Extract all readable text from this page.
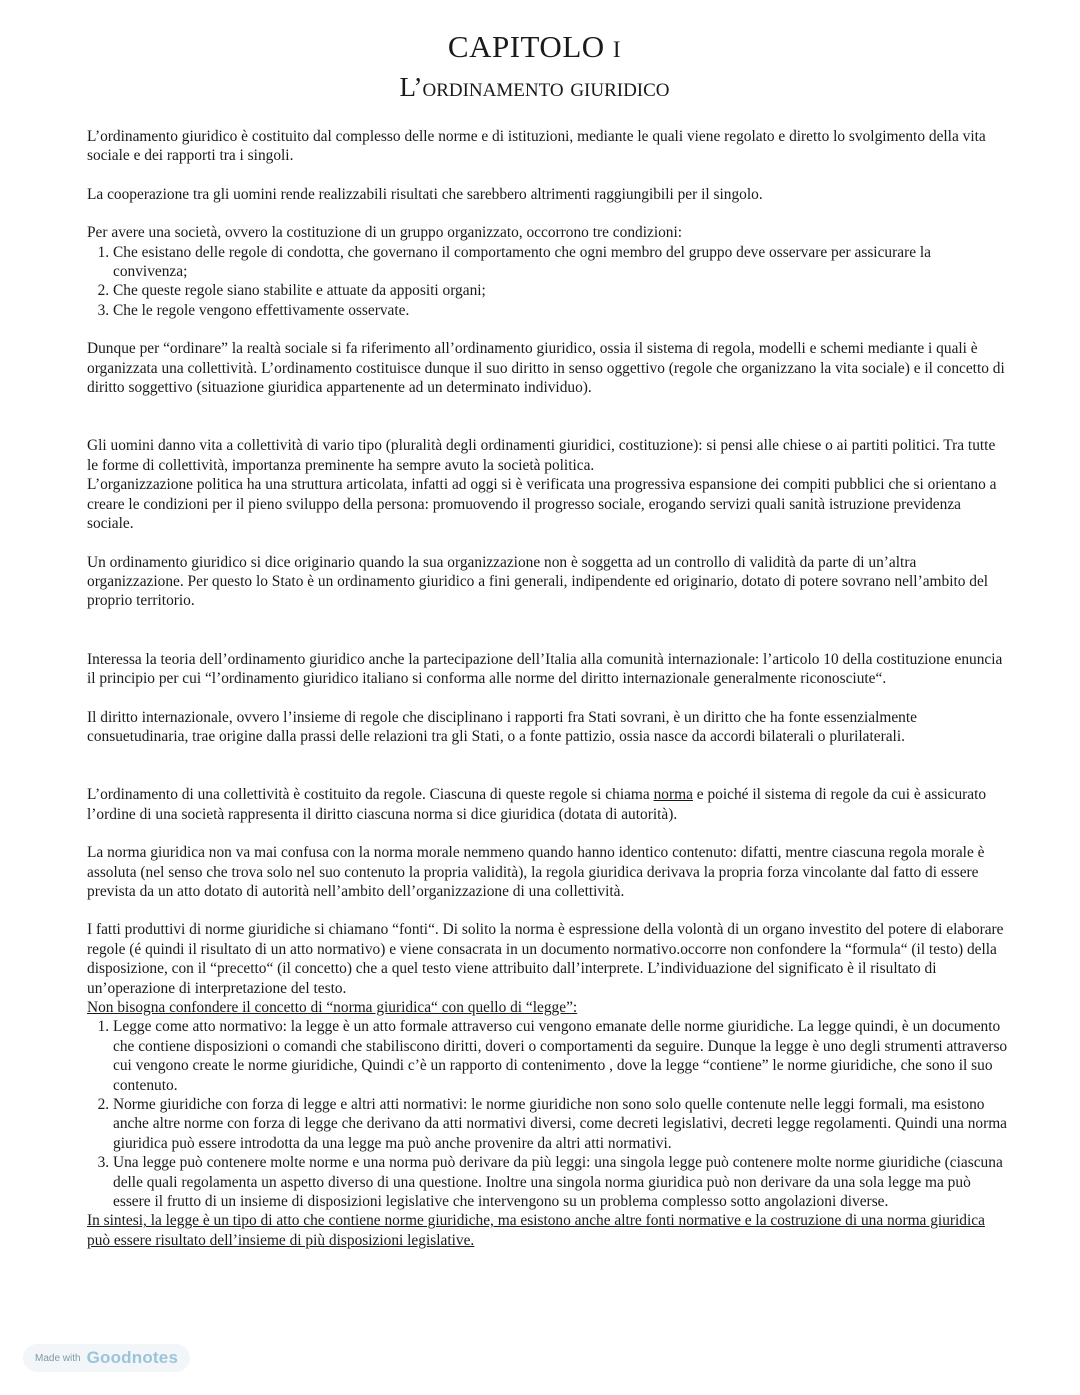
CAPITOLO I
L’ordinamento giuridico

L’ordinamento giuridico è costituito dal complesso delle norme e di istituzioni, mediante le quali viene regolato e diretto lo svolgimento della vita sociale e dei rapporti tra i singoli.

La cooperazione tra gli uomini rende realizzabili risultati che sarebbero altrimenti raggiungibili per il singolo.

Per avere una società, ovvero la costituzione di un gruppo organizzato, occorrono tre condizioni:

1. Che esistano delle regole di condotta, che governano il comportamento che ogni membro del gruppo deve osservare per assicurare la convivenza;
2. Che queste regole siano stabilite e attuate da appositi organi;
3. Che le regole vengono effettivamente osservate.

Dunque per “ordinare” la realtà sociale si fa riferimento all’ordinamento giuridico, ossia il sistema di regola, modelli e schemi mediante i quali è organizzata una collettività. L’ordinamento costituisce dunque il suo diritto in senso oggettivo (regole che organizzano la vita sociale) e il concetto di diritto soggettivo (situazione giuridica appartenente ad un determinato individuo).

Gli uomini danno vita a collettività di vario tipo (pluralità degli ordinamenti giuridici, costituzione): si pensi alle chiese o ai partiti politici. Tra tutte le forme di collettività, importanza preminente ha sempre avuto la società politica.

L’organizzazione politica ha una struttura articolata, infatti ad oggi si è verificata una progressiva espansione dei compiti pubblici che si orientano a creare le condizioni per il pieno sviluppo della persona: promuovendo il progresso sociale, erogando servizi quali sanità istruzione previdenza sociale.

Un ordinamento giuridico si dice originario quando la sua organizzazione non è soggetta ad un controllo di validità da parte di un’altra organizzazione. Per questo lo Stato è un ordinamento giuridico a fini generali, indipendente ed originario, dotato di potere sovrano nell’ambito del proprio territorio.

Interessa la teoria dell’ordinamento giuridico anche la partecipazione dell’Italia alla comunità internazionale: l’articolo 10 della costituzione enuncia il principio per cui “l’ordinamento giuridico italiano si conforma alle norme del diritto internazionale generalmente riconosciute“.

Il diritto internazionale, ovvero l’insieme di regole che disciplinano i rapporti fra Stati sovrani, è un diritto che ha fonte essenzialmente consuetudinaria, trae origine dalla prassi delle relazioni tra gli Stati, o a fonte pattizio, ossia nasce da accordi bilaterali o plurilaterali.

L’ordinamento di una collettività è costituito da regole. Ciascuna di queste regole si chiama norma e poiché il sistema di regole da cui è assicurato l’ordine di una società rappresenta il diritto ciascuna norma si dice giuridica (dotata di autorità).

La norma giuridica non va mai confusa con la norma morale nemmeno quando hanno identico contenuto: difatti, mentre ciascuna regola morale è assoluta (nel senso che trova solo nel suo contenuto la propria validità), la regola giuridica derivava la propria forza vincolante dal fatto di essere prevista da un atto dotato di autorità nell’ambito dell’organizzazione di una collettività.

I fatti produttivi di norme giuridiche si chiamano “fonti“. Di solito la norma è espressione della volontà di un organo investito del potere di elaborare regole (é quindi il risultato di un atto normativo) e viene consacrata in un documento normativo.occorre non confondere la “formula“ (il testo) della disposizione, con il “precetto“ (il concetto) che a quel testo viene attribuito dall’interprete. L’individuazione del significato è il risultato di un’operazione di interpretazione del testo.

Non bisogna confondere il concetto di “norma giuridica“ con quello di “legge”:

1. Legge come atto normativo: la legge è un atto formale attraverso cui vengono emanate delle norme giuridiche. La legge quindi, è un documento che contiene disposizioni o comandi che stabiliscono diritti, doveri o comportamenti da seguire. Dunque la legge è uno degli strumenti attraverso cui vengono create le norme giuridiche, Quindi c’è un rapporto di contenimento , dove la legge “contiene” le norme giuridiche, che sono il suo contenuto.
2. Norme giuridiche con forza di legge e altri atti normativi: le norme giuridiche non sono solo quelle contenute nelle leggi formali, ma esistono anche altre norme con forza di legge che derivano da atti normativi diversi, come decreti legislativi, decreti legge regolamenti. Quindi una norma giuridica può essere introdotta da una legge ma può anche provenire da altri atti normativi.
3. Una legge può contenere molte norme e una norma può derivare da più leggi: una singola legge può contenere molte norme giuridiche (ciascuna delle quali regolamenta un aspetto diverso di una questione. Inoltre una singola norma giuridica può non derivare da una sola legge ma può essere il frutto di un insieme di disposizioni legislative che intervengono su un problema complesso sotto angolazioni diverse.

In sintesi, la legge è un tipo di atto che contiene norme giuridiche, ma esistono anche altre fonti normative e la costruzione di una norma giuridica può essere risultato dell’insieme di più disposizioni legislative.

Made with Goodnotes
